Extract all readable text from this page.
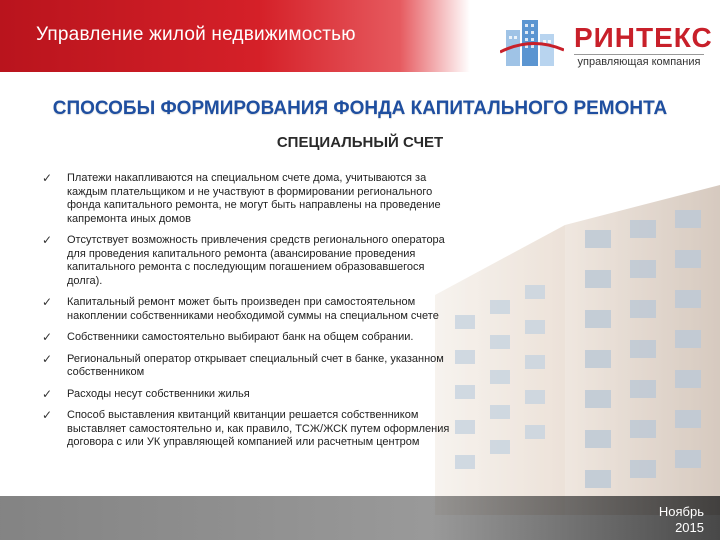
Управление жилой недвижимостью	РИНТЕКС
управляющая компания
СПОСОБЫ ФОРМИРОВАНИЯ ФОНДА КАПИТАЛЬНОГО РЕМОНТА
СПЕЦИАЛЬНЫЙ СЧЕТ
✓ Платежи накапливаются на специальном счете дома, учитываются за каждым плательщиком и не участвуют в формировании регионального фонда капитального ремонта, не могут быть направлены на проведение капремонта иных домов
✓ Отсутствует возможность привлечения средств регионального оператора для проведения капитального ремонта (авансирование проведения капитального ремонта с последующим погашением образовавшегося долга).
✓ Капитальный ремонт может быть произведен при самостоятельном накоплении собственниками необходимой суммы на специальном счете
✓ Собственники самостоятельно выбирают банк на общем собрании.
✓ Региональный оператор открывает специальный счет в банке, указанном собственником
✓ Расходы несут собственники жилья
✓ Способ выставления квитанций квитанции решается собственником выставляет самостоятельно и, как правило, ТСЖ/ЖСК путем оформления договора с или УК управляющей компанией или расчетным центром
Ноябрь
2015
